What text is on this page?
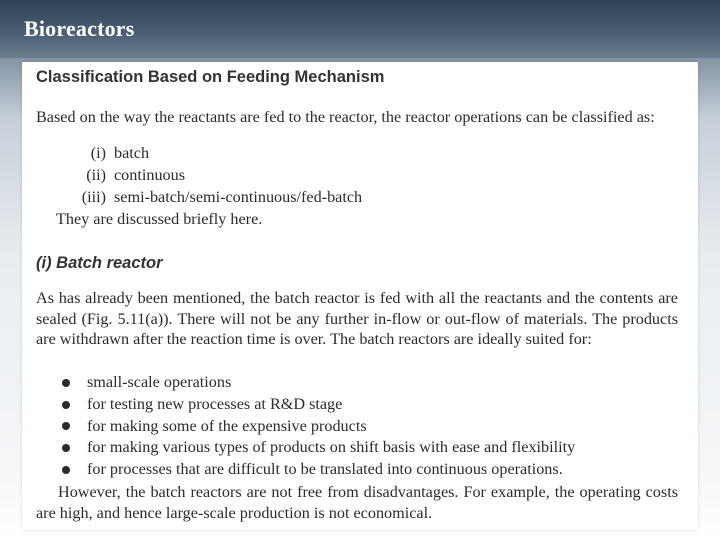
Bioreactors
Classification Based on Feeding Mechanism
Based on the way the reactants are fed to the reactor, the reactor operations can be classified as:
(i) batch
(ii) continuous
(iii) semi-batch/semi-continuous/fed-batch
They are discussed briefly here.
(i) Batch reactor
As has already been mentioned, the batch reactor is fed with all the reactants and the contents are sealed (Fig. 5.11(a)). There will not be any further in-flow or out-flow of materials. The products are withdrawn after the reaction time is over. The batch reactors are ideally suited for:
small-scale operations
for testing new processes at R&D stage
for making some of the expensive products
for making various types of products on shift basis with ease and flexibility
for processes that are difficult to be translated into continuous operations.
However, the batch reactors are not free from disadvantages. For example, the operating costs are high, and hence large-scale production is not economical.
